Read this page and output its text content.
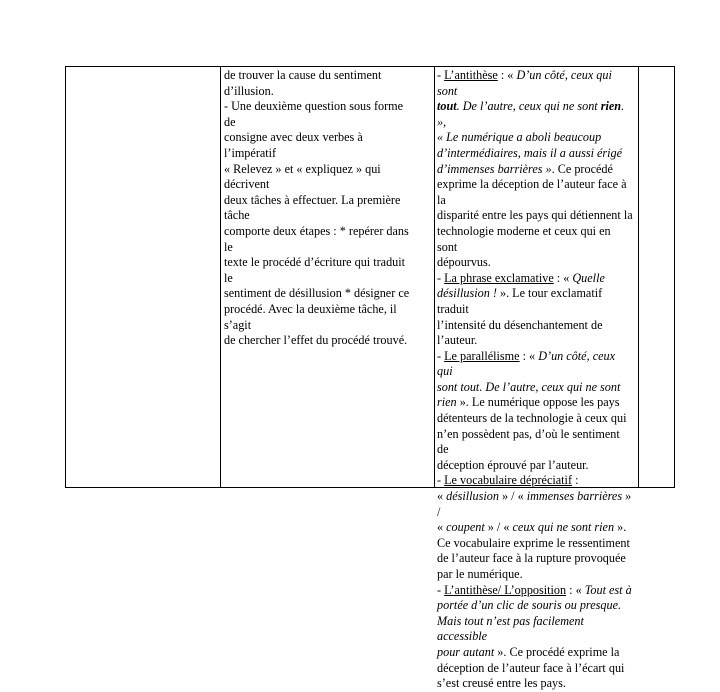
de trouver la cause du sentiment

d’illusion.

- Une deuxième question sous forme de

consigne avec deux verbes à l’impératif

« Relevez » et « expliquez » qui décrivent

deux tâches à effectuer. La première tâche

comporte deux étapes : * repérer dans le

texte le procédé d’écriture qui traduit le

sentiment de désillusion * désigner ce

procédé. Avec la deuxième tâche, il s’agit

de chercher l’effet du procédé trouvé.

- L’antithèse : « D’un côté, ceux qui sont

tout. De l’autre, ceux qui ne sont rien. »,

« Le numérique a aboli beaucoup

d’intermédiaires, mais il a aussi érigé

d’immenses barrières ». Ce procédé

exprime la déception de l’auteur face à la

disparité entre les pays qui détiennent la

technologie moderne et ceux qui en sont

dépourvus.

- La phrase exclamative : « Quelle

désillusion ! ». Le tour exclamatif traduit

l’intensité du désenchantement de

l’auteur.

- Le parallélisme : « D’un côté, ceux qui

sont tout. De l’autre, ceux qui ne sont

rien ». Le numérique oppose les pays

détenteurs de la technologie à ceux qui

n’en possèdent pas, d’où le sentiment de

déception éprouvé par l’auteur.

- Le vocabulaire dépréciatif :

« désillusion » / « immenses barrières » /

« coupent » / « ceux qui ne sont rien ».

Ce vocabulaire exprime le ressentiment

de l’auteur face à la rupture provoquée

par le numérique.

- L’antithèse/ L’opposition : « Tout est à

portée d’un clic de souris ou presque.

Mais tout n’est pas facilement accessible

pour autant ». Ce procédé exprime la

déception de l’auteur face à l’écart qui

s’est creusé entre les pays.
